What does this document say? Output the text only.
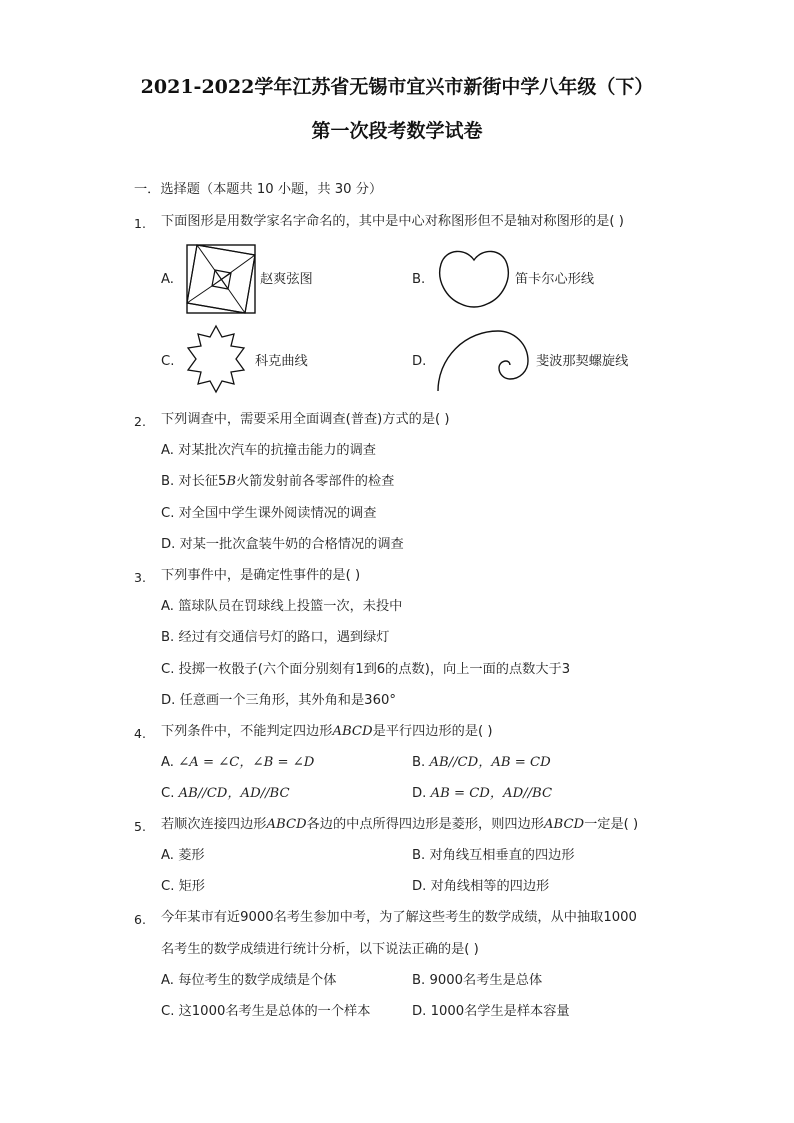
2021-2022学年江苏省无锡市宜兴市新街中学八年级（下）
第一次段考数学试卷
一．选择题（本题共 10 小题，共 30 分）
1. 下面图形是用数学家名字命名的，其中是中心对称图形但不是轴对称图形的是( )
A.	赵爽弦图	B.	笛卡尔心形线
C.	科克曲线	D.	斐波那契螺旋线
2. 下列调查中，需要采用全面调查(普查)方式的是( )
A. 对某批次汽车的抗撞击能力的调查
B. 对长征5B火箭发射前各零部件的检查
C. 对全国中学生课外阅读情况的调查
D. 对某一批次盒装牛奶的合格情况的调查
3. 下列事件中，是确定性事件的是( )
A. 篮球队员在罚球线上投篮一次，未投中
B. 经过有交通信号灯的路口，遇到绿灯
C. 投掷一枚骰子(六个面分别刻有1到6的点数)，向上一面的点数大于3
D. 任意画一个三角形，其外角和是360°
4. 下列条件中，不能判定四边形ABCD是平行四边形的是( )
A. ∠A = ∠C，∠B = ∠D	B. AB//CD，AB = CD
C. AB//CD，AD//BC	D. AB = CD，AD//BC
5. 若顺次连接四边形ABCD各边的中点所得四边形是菱形，则四边形ABCD一定是( )
A. 菱形	B. 对角线互相垂直的四边形
C. 矩形	D. 对角线相等的四边形
6. 今年某市有近9000名考生参加中考，为了解这些考生的数学成绩，从中抽取1000
名考生的数学成绩进行统计分析，以下说法正确的是( )
A. 每位考生的数学成绩是个体	B. 9000名考生是总体
C. 这1000名考生是总体的一个样本	D. 1000名学生是样本容量
